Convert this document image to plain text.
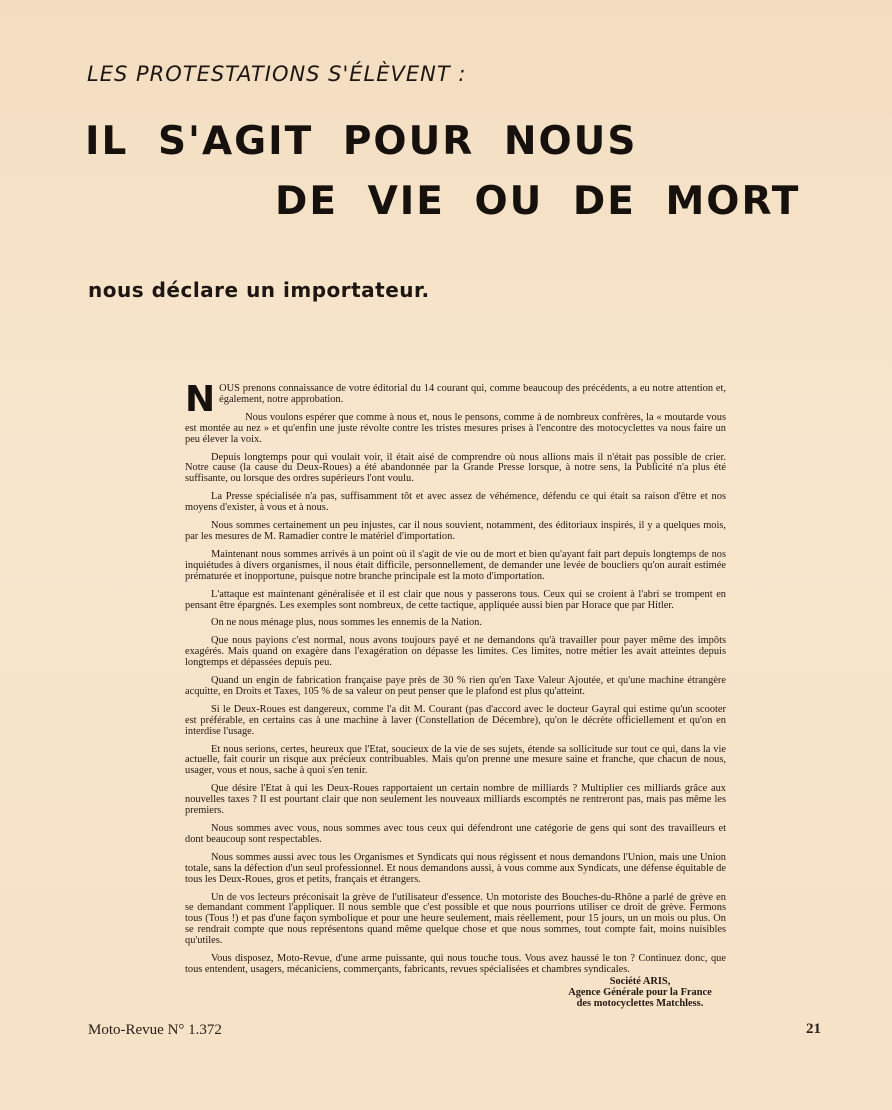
LES PROTESTATIONS S'ÉLÈVENT :
IL S'AGIT POUR NOUS
DE VIE OU DE MORT
nous déclare un importateur.

NOUS prenons connaissance de votre éditorial du 14 courant qui, comme beaucoup des précédents, a eu notre attention et, également, notre approbation.

Nous voulons espérer que comme à nous et, nous le pensons, comme à de nombreux confrères, la « moutarde vous est montée au nez » et qu'enfin une juste révolte contre les tristes mesures prises à l'encontre des motocyclettes va nous faire un peu élever la voix.

Depuis longtemps pour qui voulait voir, il était aisé de comprendre où nous allions mais il n'était pas possible de crier. Notre cause (la cause du Deux-Roues) a été abandonnée par la Grande Presse lorsque, à notre sens, la Publicité n'a plus été suffisante, ou lorsque des ordres supérieurs l'ont voulu.

La Presse spécialisée n'a pas, suffisamment tôt et avec assez de véhémence, défendu ce qui était sa raison d'être et nos moyens d'exister, à vous et à nous.

Nous sommes certainement un peu injustes, car il nous souvient, notamment, des éditoriaux inspirés, il y a quelques mois, par les mesures de M. Ramadier contre le matériel d'importation.

Maintenant nous sommes arrivés à un point où il s'agit de vie ou de mort et bien qu'ayant fait part depuis longtemps de nos inquiétudes à divers organismes, il nous était difficile, personnellement, de demander une levée de boucliers qu'on aurait estimée prématurée et inopportune, puisque notre branche principale est la moto d'importation.

L'attaque est maintenant généralisée et il est clair que nous y passerons tous. Ceux qui se croient à l'abri se trompent en pensant être épargnés. Les exemples sont nombreux, de cette tactique, appliquée aussi bien par Horace que par Hitler.

On ne nous ménage plus, nous sommes les ennemis de la Nation.

Que nous payions c'est normal, nous avons toujours payé et ne demandons qu'à travailler pour payer même des impôts exagérés. Mais quand on exagère dans l'exagération on dépasse les limites. Ces limites, notre métier les avait atteintes depuis longtemps et dépassées depuis peu.

Quand un engin de fabrication française paye près de 30 % rien qu'en Taxe Valeur Ajoutée, et qu'une machine étrangère acquitte, en Droits et Taxes, 105 % de sa valeur on peut penser que le plafond est plus qu'atteint.

Si le Deux-Roues est dangereux, comme l'a dit M. Courant (pas d'accord avec le docteur Gayral qui estime qu'un scooter est préférable, en certains cas à une machine à laver (Constellation de Décembre), qu'on le décrète officiellement et qu'on en interdise l'usage.

Et nous serions, certes, heureux que l'Etat, soucieux de la vie de ses sujets, étende sa sollicitude sur tout ce qui, dans la vie actuelle, fait courir un risque aux précieux contribuables. Mais qu'on prenne une mesure saine et franche, que chacun de nous, usager, vous et nous, sache à quoi s'en tenir.

Que désire l'Etat à qui les Deux-Roues rapportaient un certain nombre de milliards ? Multiplier ces milliards grâce aux nouvelles taxes ? Il est pourtant clair que non seulement les nouveaux milliards escomptés ne rentreront pas, mais pas même les premiers.

Nous sommes avec vous, nous sommes avec tous ceux qui défendront une catégorie de gens qui sont des travailleurs et dont beaucoup sont respectables.

Nous sommes aussi avec tous les Organismes et Syndicats qui nous régissent et nous demandons l'Union, mais une Union totale, sans la défection d'un seul professionnel. Et nous demandons aussi, à vous comme aux Syndicats, une défense équitable de tous les Deux-Roues, gros et petits, français et étrangers.

Un de vos lecteurs préconisait la grève de l'utilisateur d'essence. Un motoriste des Bouches-du-Rhône a parlé de grève en se demandant comment l'appliquer. Il nous semble que c'est possible et que nous pourrions utiliser ce droit de grève. Fermons tous (Tous !) et pas d'une façon symbolique et pour une heure seulement, mais réellement, pour 15 jours, un un mois ou plus. On se rendrait compte que nous représentons quand même quelque chose et que nous sommes, tout compte fait, moins nuisibles qu'utiles.

Vous disposez, Moto-Revue, d'une arme puissante, qui nous touche tous. Vous avez haussé le ton ? Continuez donc, que tous entendent, usagers, mécaniciens, commerçants, fabricants, revues spécialisées et chambres syndicales.

Société ARIS,
Agence Générale pour la France
des motocyclettes Matchless.
Moto-Revue N° 1.372	21
